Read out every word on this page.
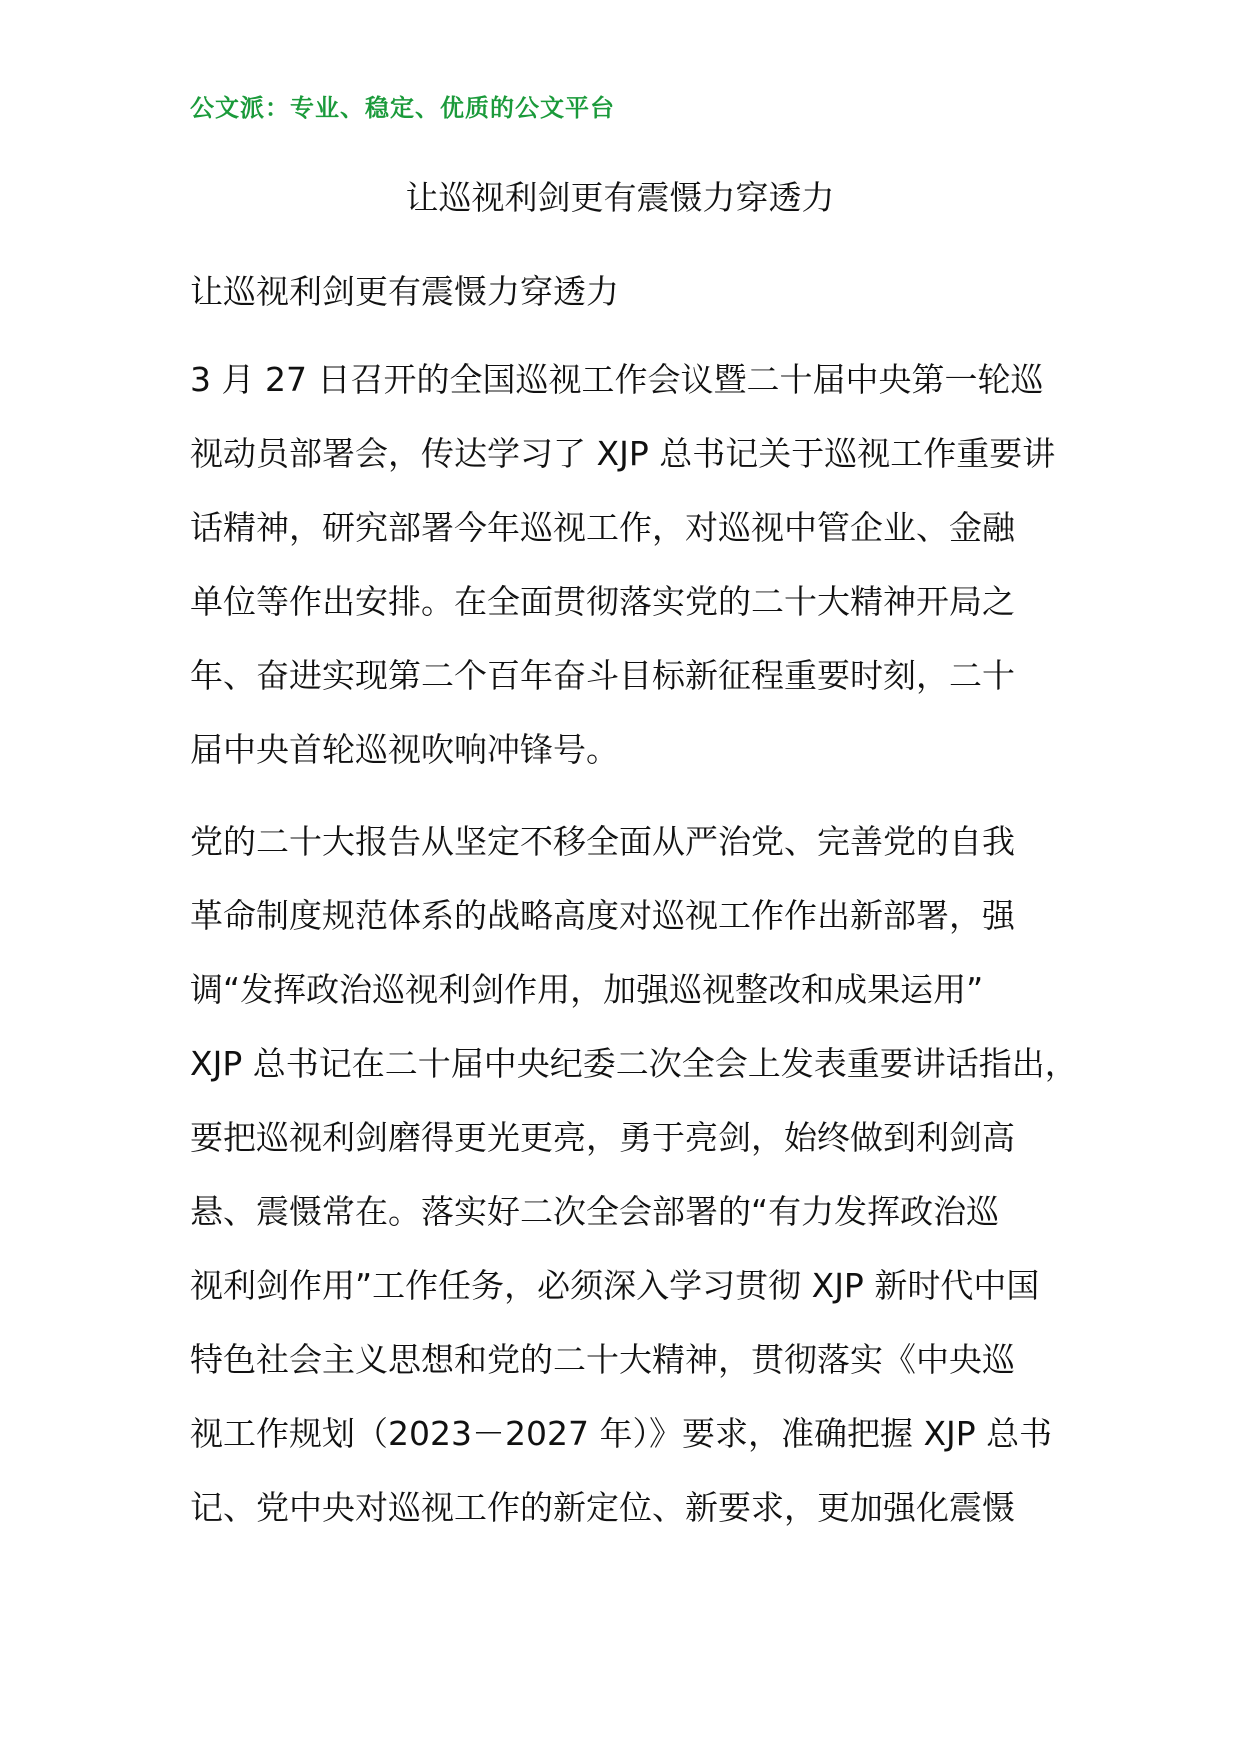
公文派：专业、稳定、优质的公文平台
让巡视利剑更有震慑力穿透力
让巡视利剑更有震慑力穿透力
3 月 27 日召开的全国巡视工作会议暨二十届中央第一轮巡
视动员部署会，传达学习了 XJP 总书记关于巡视工作重要讲
话精神，研究部署今年巡视工作，对巡视中管企业、金融
单位等作出安排。在全面贯彻落实党的二十大精神开局之
年、奋进实现第二个百年奋斗目标新征程重要时刻，二十
届中央首轮巡视吹响冲锋号。
党的二十大报告从坚定不移全面从严治党、完善党的自我
革命制度规范体系的战略高度对巡视工作作出新部署，强
调“发挥政治巡视利剑作用，加强巡视整改和成果运用”
XJP 总书记在二十届中央纪委二次全会上发表重要讲话指出，
要把巡视利剑磨得更光更亮，勇于亮剑，始终做到利剑高
悬、震慑常在。落实好二次全会部署的“有力发挥政治巡
视利剑作用”工作任务，必须深入学习贯彻 XJP 新时代中国
特色社会主义思想和党的二十大精神，贯彻落实《中央巡
视工作规划（2023－2027 年）》要求，准确把握 XJP 总书
记、党中央对巡视工作的新定位、新要求，更加强化震慑
